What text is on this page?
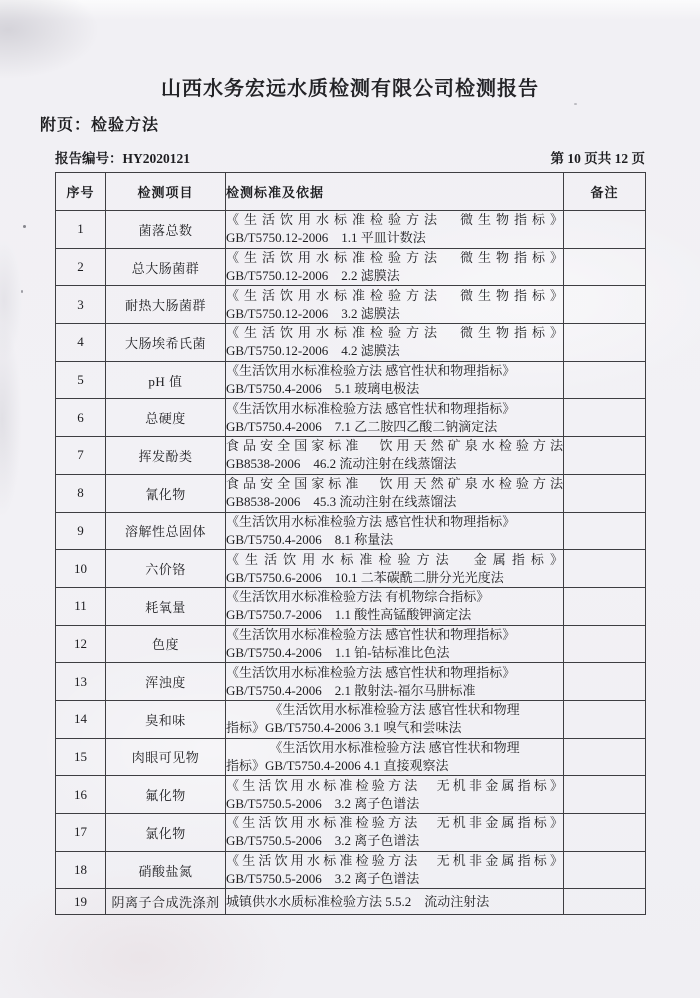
山西水务宏远水质检测有限公司检测报告
附页：检验方法
报告编号：HY2020121	第 10 页共 12 页
序号	检测项目	检测标准及依据	备注
1	菌落总数	《生活饮用水标准检验方法　微生物指标》
GB/T5750.12-2006　1.1 平皿计数法	

2	总大肠菌群	《生活饮用水标准检验方法　微生物指标》
GB/T5750.12-2006　2.2 滤膜法	

3	耐热大肠菌群	《生活饮用水标准检验方法　微生物指标》
GB/T5750.12-2006　3.2 滤膜法	

4	大肠埃希氏菌	《生活饮用水标准检验方法　微生物指标》
GB/T5750.12-2006　4.2 滤膜法	

5	pH 值	《生活饮用水标准检验方法 感官性状和物理指标》
GB/T5750.4-2006　5.1 玻璃电极法	

6	总硬度	《生活饮用水标准检验方法 感官性状和物理指标》
GB/T5750.4-2006　7.1 乙二胺四乙酸二钠滴定法	

7	挥发酚类	食品安全国家标准　饮用天然矿泉水检验方法
GB8538-2006　46.2 流动注射在线蒸馏法	

8	氰化物	食品安全国家标准　饮用天然矿泉水检验方法
GB8538-2006　45.3 流动注射在线蒸馏法	

9	溶解性总固体	《生活饮用水标准检验方法 感官性状和物理指标》
GB/T5750.4-2006　8.1 称量法	

10	六价铬	《生活饮用水标准检验方法　金属指标》
GB/T5750.6-2006　10.1 二苯碳酰二肼分光光度法	

11	耗氧量	《生活饮用水标准检验方法 有机物综合指标》
GB/T5750.7-2006　1.1 酸性高锰酸钾滴定法	

12	色度	《生活饮用水标准检验方法 感官性状和物理指标》
GB/T5750.4-2006　1.1 铂-钴标准比色法	

13	浑浊度	《生活饮用水标准检验方法 感官性状和物理指标》
GB/T5750.4-2006　2.1 散射法-福尔马肼标准	

14	臭和味	《生活饮用水标准检验方法 感官性状和物理
指标》GB/T5750.4-2006 3.1 嗅气和尝味法	

15	肉眼可见物	《生活饮用水标准检验方法 感官性状和物理
指标》GB/T5750.4-2006 4.1 直接观察法	

16	氟化物	《生活饮用水标准检验方法　无机非金属指标》
GB/T5750.5-2006　3.2 离子色谱法	

17	氯化物	《生活饮用水标准检验方法　无机非金属指标》
GB/T5750.5-2006　3.2 离子色谱法	

18	硝酸盐氮	《生活饮用水标准检验方法　无机非金属指标》
GB/T5750.5-2006　3.2 离子色谱法	

19	阴离子合成洗涤剂	城镇供水水质标准检验方法 5.5.2　流动注射法	
